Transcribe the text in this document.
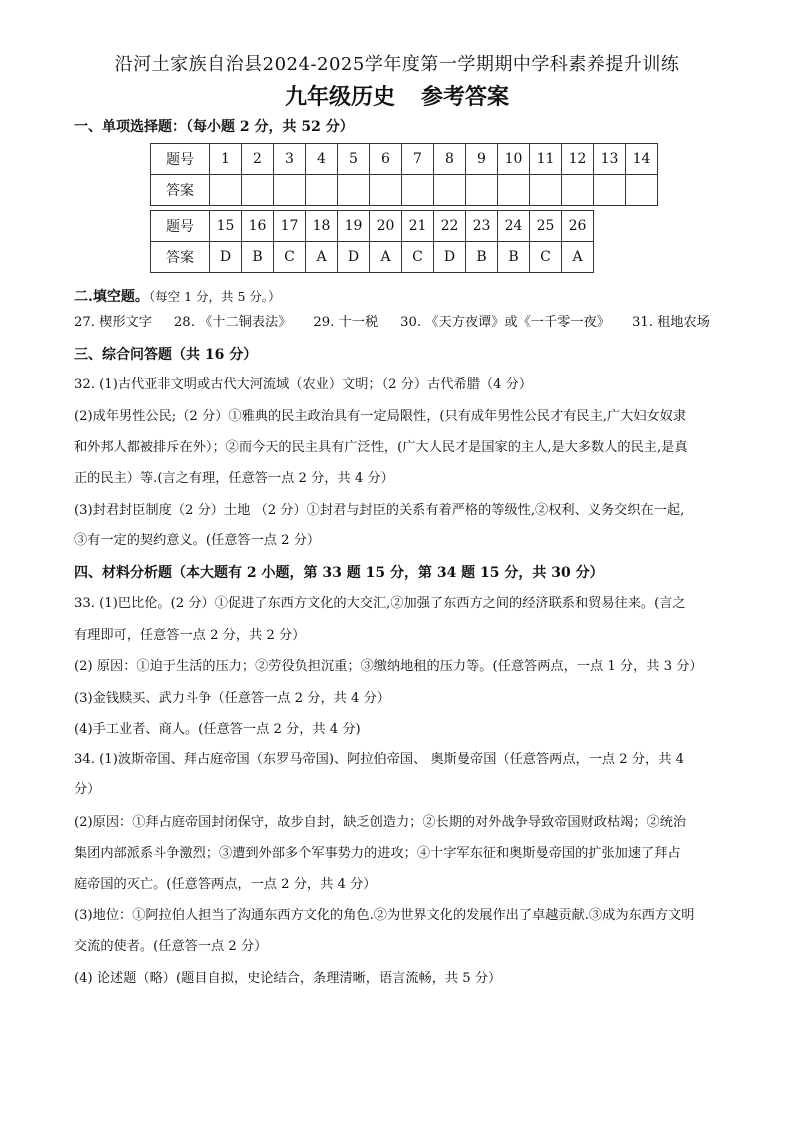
沿河土家族自治县2024-2025学年度第一学期期中学科素养提升训练
九年级历史 参考答案
一、单项选择题：（每小题 2 分，共 52 分）
题号	1	2	3	4	5	6	7	8	9	10	11	12	13	14
答案														
题号	15	16	17	18	19	20	21	22	23	24	25	26
答案	D	B	C	A	D	A	C	D	B	B	C	A
二.填空题。（每空 1 分，共 5 分。）
27. 楔形文字 28. 《十二铜表法》 29. 十一税 30. 《天方夜谭》或《一千零一夜》 31. 租地农场
三、综合问答题（共 16 分）
32. (1)古代亚非文明或古代大河流域（农业）文明；（2 分）古代希腊（4 分）
(2)成年男性公民;（2 分）①雅典的民主政治具有一定局限性，(只有成年男性公民才有民主,广大妇女奴隶
和外邦人都被排斥在外）；②而今天的民主具有广泛性，(广大人民才是国家的主人,是大多数人的民主,是真
正的民主）等.(言之有理，任意答一点 2 分，共 4 分）
(3)封君封臣制度（2 分）土地 （2 分）①封君与封臣的关系有着严格的等级性,②权利、义务交织在一起,
③有一定的契约意义。(任意答一点 2 分）
四、材料分析题（本大题有 2 小题，第 33 题 15 分，第 34 题 15 分，共 30 分）
33. (1)巴比伦。(2 分）①促进了东西方文化的大交汇,②加强了东西方之间的经济联系和贸易往来。(言之
有理即可，任意答一点 2 分，共 2 分）
(2) 原因：①迫于生活的压力；②劳役负担沉重；③缴纳地租的压力等。(任意答两点，一点 1 分，共 3 分）
(3)金钱赎买、武力斗争（任意答一点 2 分，共 4 分）
(4)手工业者、商人。(任意答一点 2 分，共 4 分)
34. (1)波斯帝国、拜占庭帝国（东罗马帝国)、阿拉伯帝国、 奥斯曼帝国（任意答两点，一点 2 分，共 4
分）
(2)原因：①拜占庭帝国封闭保守，故步自封，缺乏创造力；②长期的对外战争导致帝国财政枯竭；②统治
集团内部派系斗争激烈；③遭到外部多个军事势力的进攻；④十字军东征和奥斯曼帝国的扩张加速了拜占
庭帝国的灭亡。(任意答两点，一点 2 分，共 4 分）
(3)地位：①阿拉伯人担当了沟通东西方文化的角色.②为世界文化的发展作出了卓越贡献.③成为东西方文明
交流的使者。(任意答一点 2 分）
(4) 论述题（略）(题目自拟，史论结合，条理清晰，语言流畅，共 5 分）
